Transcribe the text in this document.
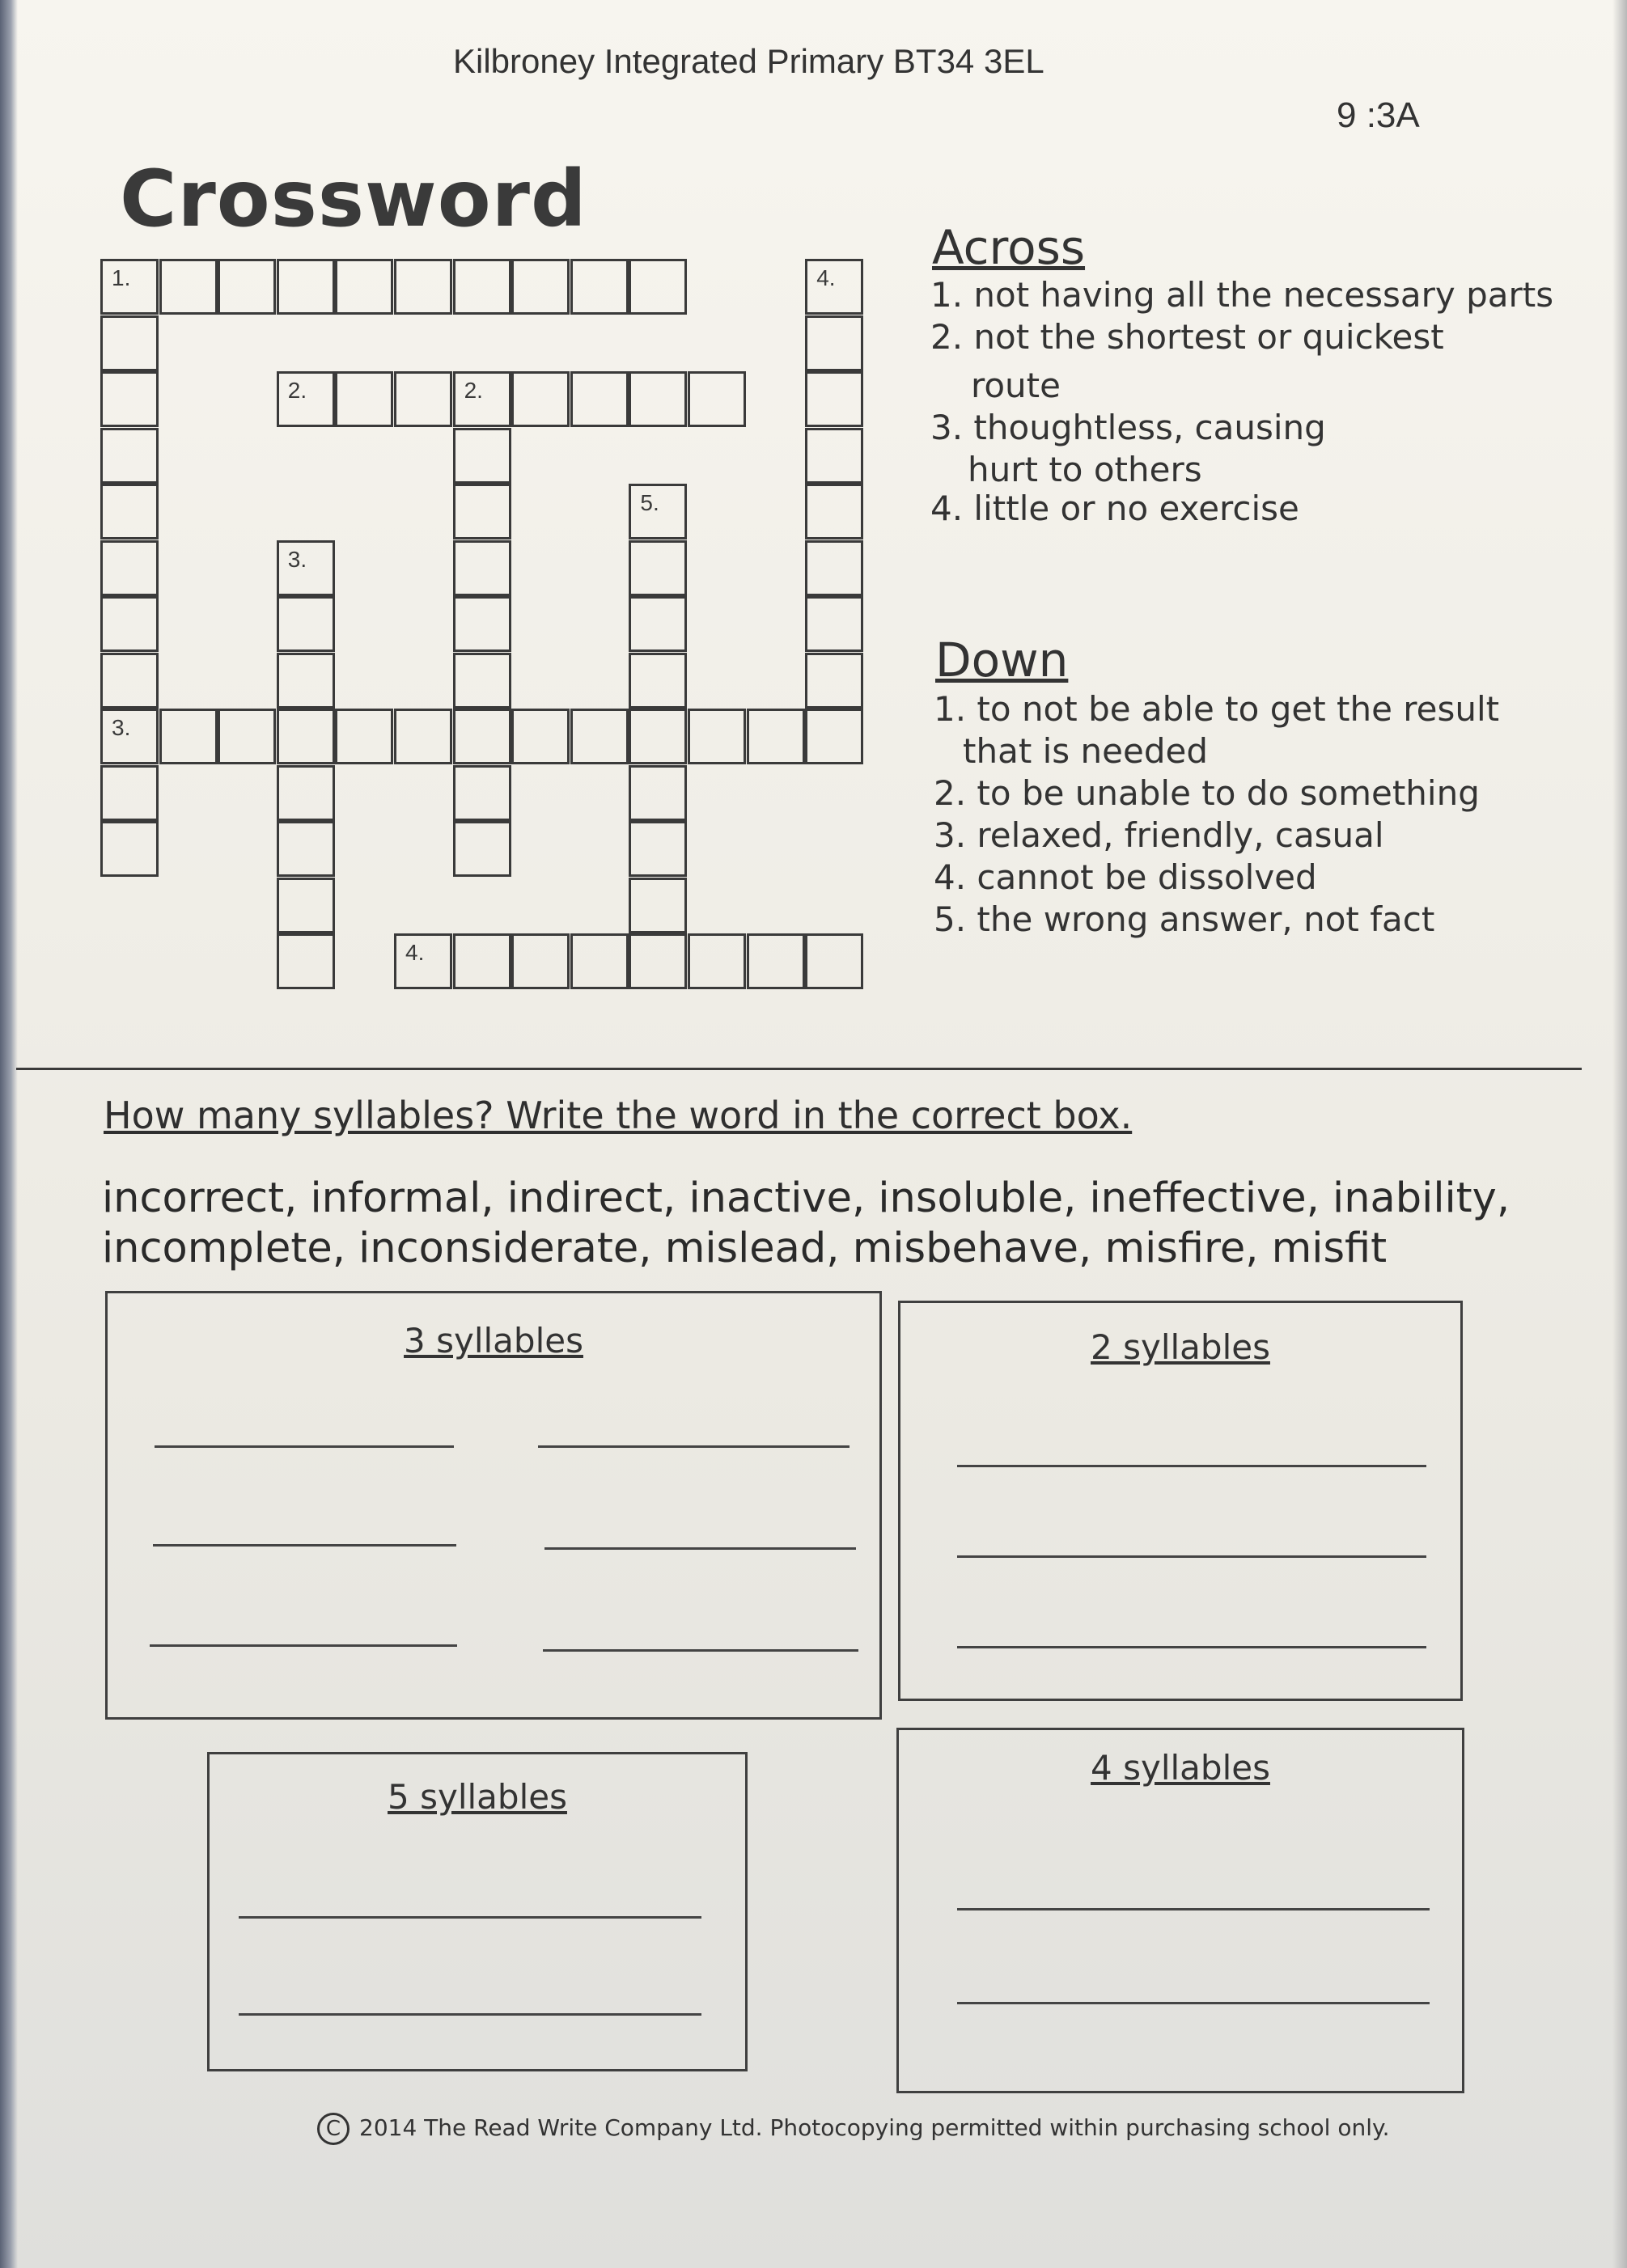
Kilbroney Integrated Primary BT34 3EL
9 :3A
Crossword
1.	4.
2.	2.
5.
3.
3.
4.
Across
1. not having all the necessary parts
2. not the shortest or quickest
route
3. thoughtless, causing
hurt to others
4. little or no exercise
Down
1. to not be able to get the result
that is needed
2. to be unable to do something
3. relaxed, friendly, casual
4. cannot be dissolved
5. the wrong answer, not fact
How many syllables? Write the word in the correct box.
incorrect, informal, indirect, inactive, insoluble, ineffective, inability,
incomplete, inconsiderate, mislead, misbehave, misfire, misfit
3 syllables	2 syllables
5 syllables
4 syllables
C 2014 The Read Write Company Ltd. Photocopying permitted within purchasing school only.
